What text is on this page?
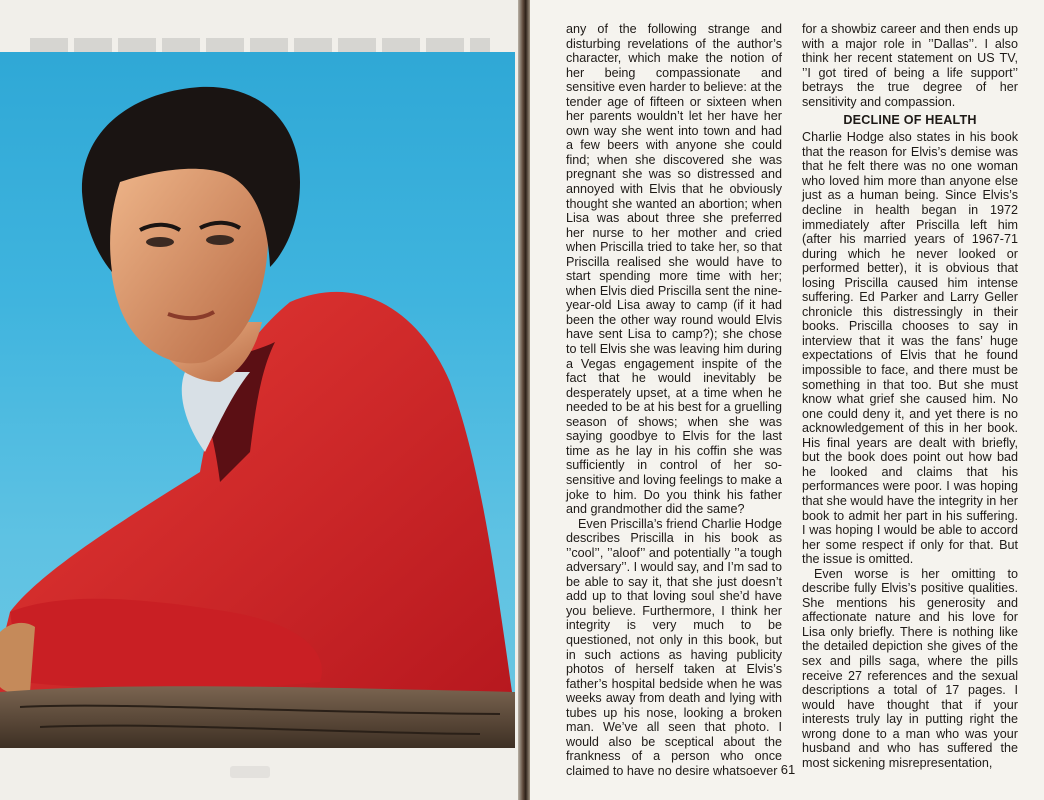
any of the following strange and disturbing revelations of the author’s character, which make the notion of her being compassionate and sensitive even harder to believe: at the tender age of fifteen or sixteen when her parents wouldn’t let her have her own way she went into town and had a few beers with anyone she could find; when she discovered she was pregnant she was so distressed and annoyed with Elvis that he obviously thought she wanted an abortion; when Lisa was about three she preferred her nurse to her mother and cried when Priscilla tried to take her, so that Priscilla realised she would have to start spending more time with her; when Elvis died Priscilla sent the nine-year-old Lisa away to camp (if it had been the other way round would Elvis have sent Lisa to camp?); she chose to tell Elvis she was leaving him during a Vegas engagement inspite of the fact that he would inevitably be desperately upset, at a time when he needed to be at his best for a gruelling season of shows; when she was saying goodbye to Elvis for the last time as he lay in his coffin she was sufficiently in control of her so-sensitive and loving feelings to make a joke to him. Do you think his father and grandmother did the same?

Even Priscilla’s friend Charlie Hodge describes Priscilla in his book as ’’cool’’, ’’aloof’’ and potentially ’’a tough adversary’’. I would say, and I’m sad to be able to say it, that she just doesn’t add up to that loving soul she’d have you believe. Furthermore, I think her integrity is very much to be questioned, not only in this book, but in such actions as having publicity photos of herself taken at Elvis’s father’s hospital bedside when he was weeks away from death and lying with tubes up his nose, looking a broken man. We’ve all seen that photo. I would also be sceptical about the frankness of a person who once claimed to have no desire whatsoever

for a showbiz career and then ends up with a major role in ’’Dallas’’. I also think her recent statement on US TV, ’’I got tired of being a life support’’ betrays the true degree of her sensitivity and compassion.

DECLINE OF HEALTH

Charlie Hodge also states in his book that the reason for Elvis’s demise was that he felt there was no one woman who loved him more than anyone else just as a human being. Since Elvis’s decline in health began in 1972 immediately after Priscilla left him (after his married years of 1967-71 during which he never looked or performed better), it is obvious that losing Priscilla caused him intense suffering. Ed Parker and Larry Geller chronicle this distressingly in their books. Priscilla chooses to say in interview that it was the fans’ huge expectations of Elvis that he found impossible to face, and there must be something in that too. But she must know what grief she caused him. No one could deny it, and yet there is no acknowledgement of this in her book. His final years are dealt with briefly, but the book does point out how bad he looked and claims that his performances were poor. I was hoping that she would have the integrity in her book to admit her part in his suffering. I was hoping I would be able to accord her some respect if only for that. But the issue is omitted.

Even worse is her omitting to describe fully Elvis’s positive qualities. She mentions his generosity and affectionate nature and his love for Lisa only briefly. There is nothing like the detailed depiction she gives of the sex and pills saga, where the pills receive 27 references and the sexual descriptions a total of 17 pages. I would have thought that if your interests truly lay in putting right the wrong done to a man who was your husband and who has suffered the most sickening misrepresentation,

61
